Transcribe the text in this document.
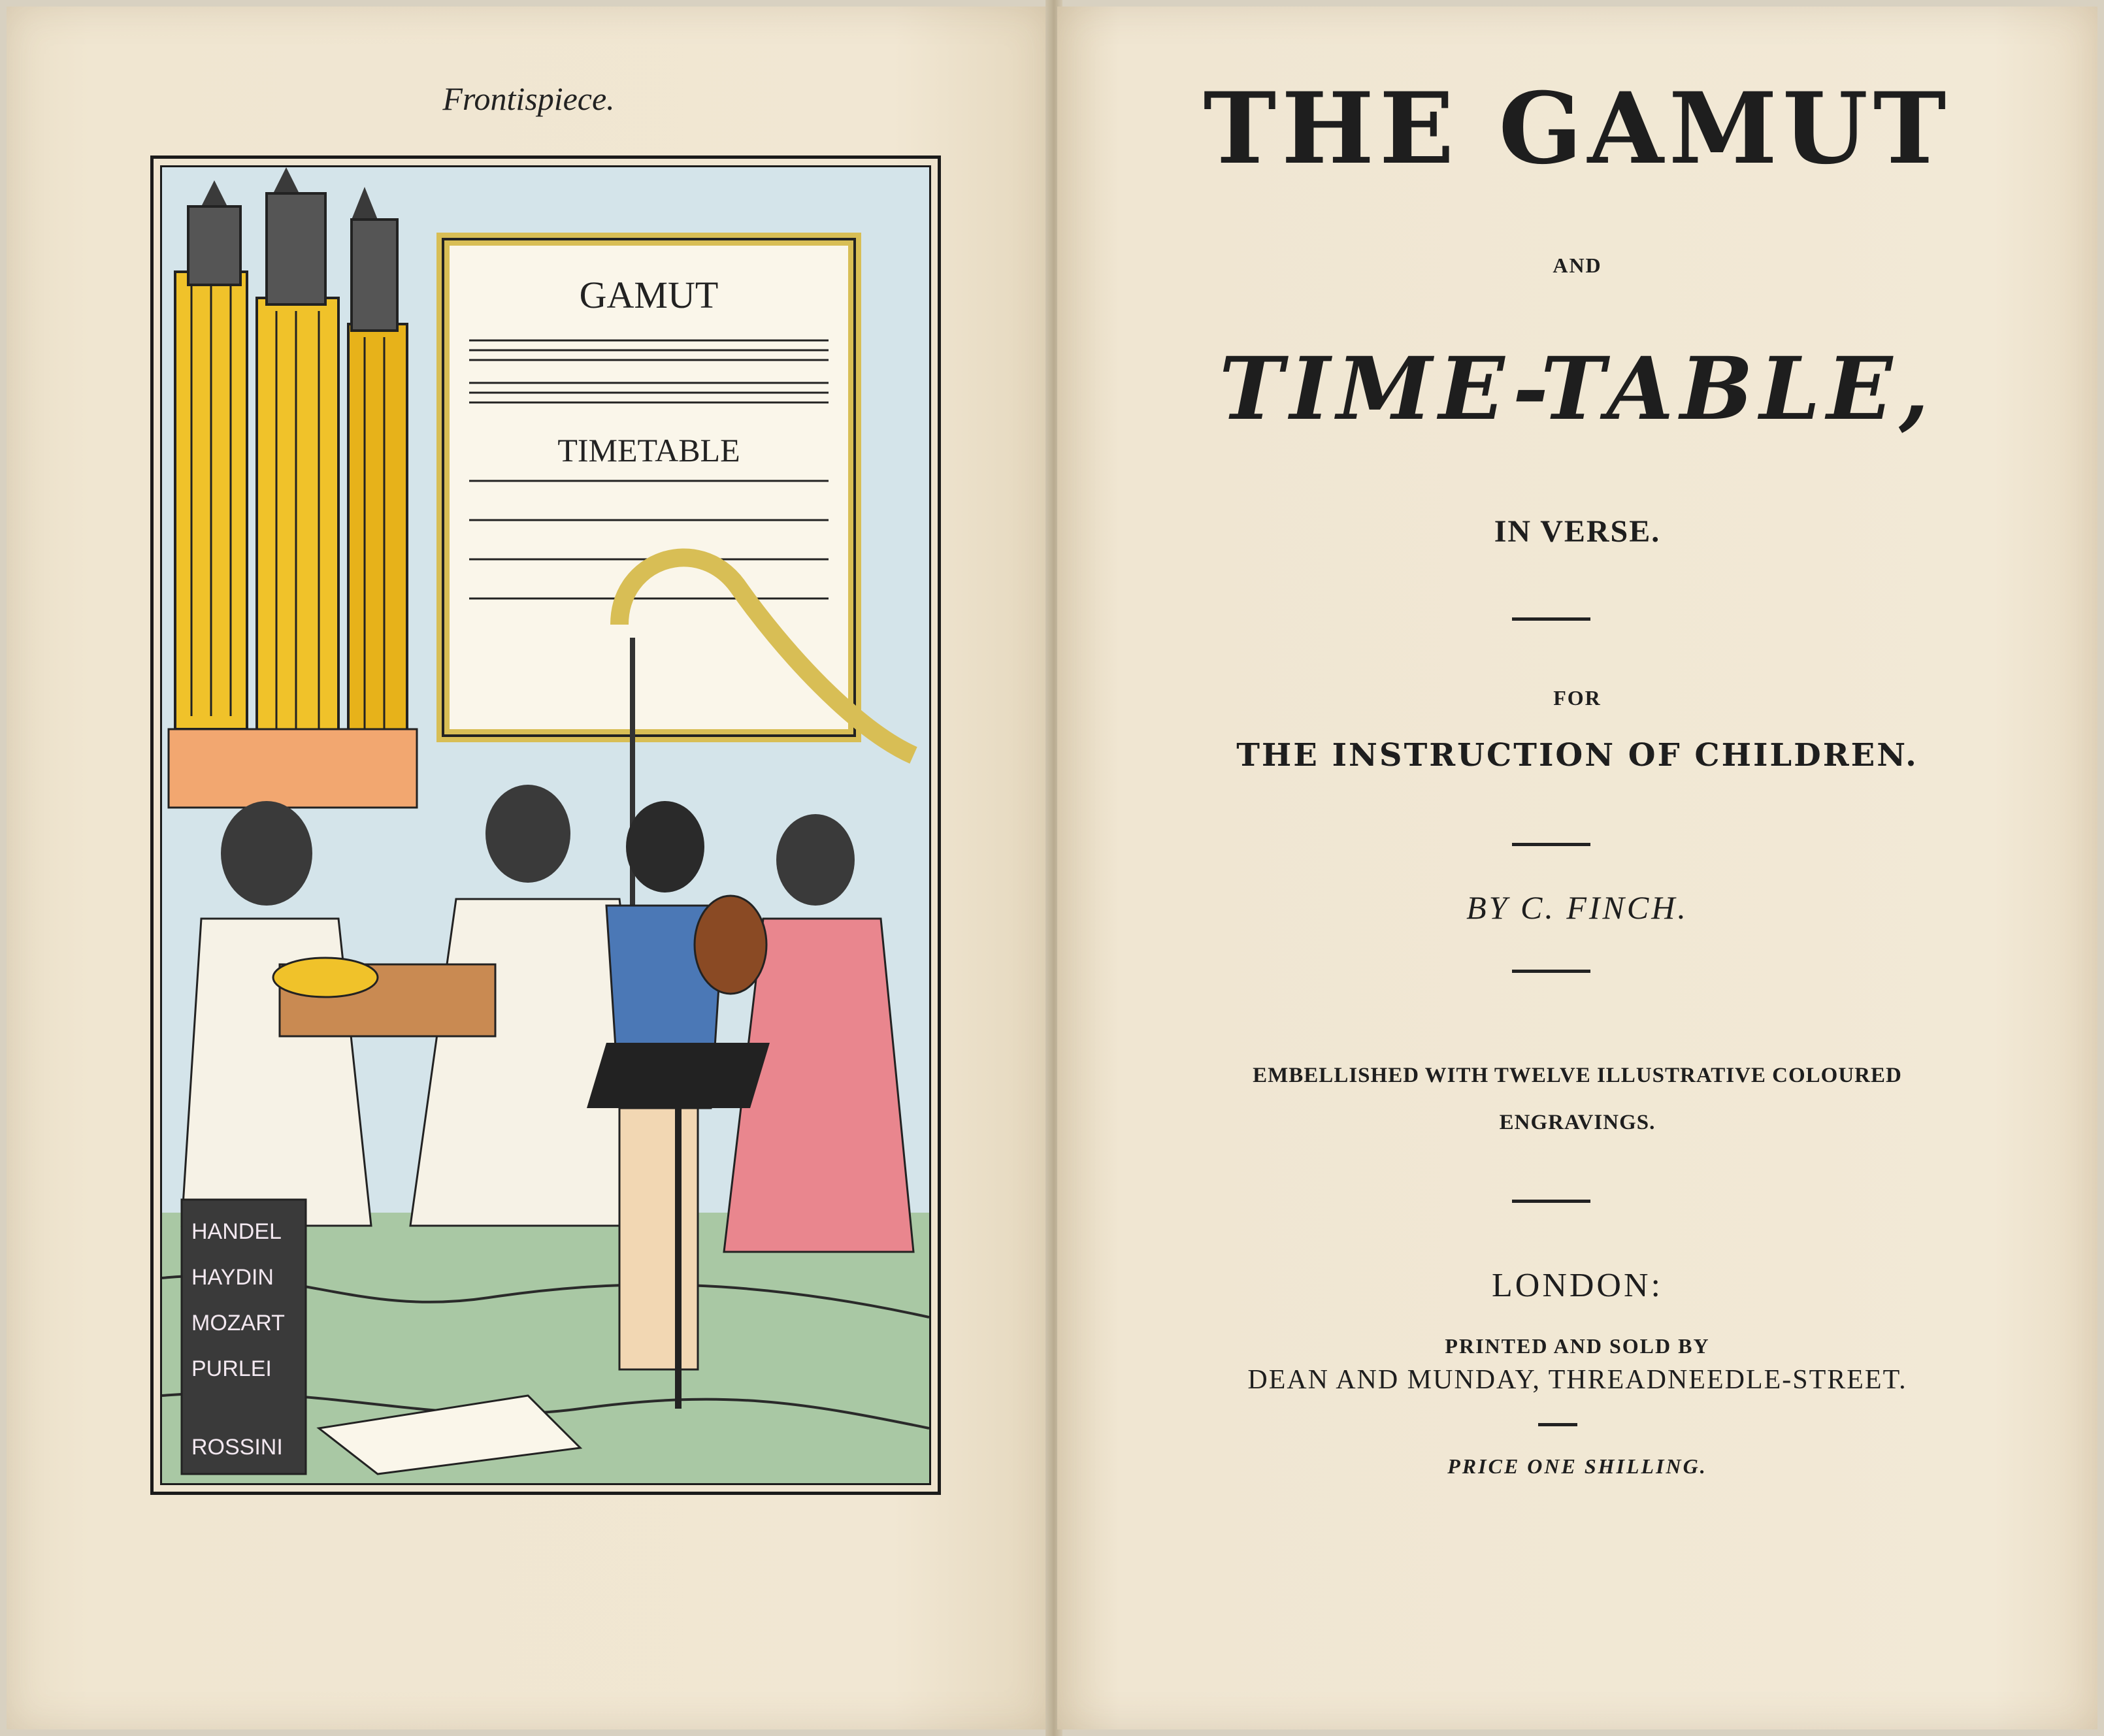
Frontispiece.
GAMUT
TIMETABLE
HANDEL
HAYDIN
MOZART
PURLEI
ROSSINI
THE GAMUT
AND
TIME-TABLE,
IN VERSE.
FOR
THE INSTRUCTION OF CHILDREN.
BY C. FINCH.
EMBELLISHED WITH TWELVE ILLUSTRATIVE COLOURED
ENGRAVINGS.
LONDON:
PRINTED AND SOLD BY
DEAN AND MUNDAY, THREADNEEDLE-STREET.
PRICE ONE SHILLING.
